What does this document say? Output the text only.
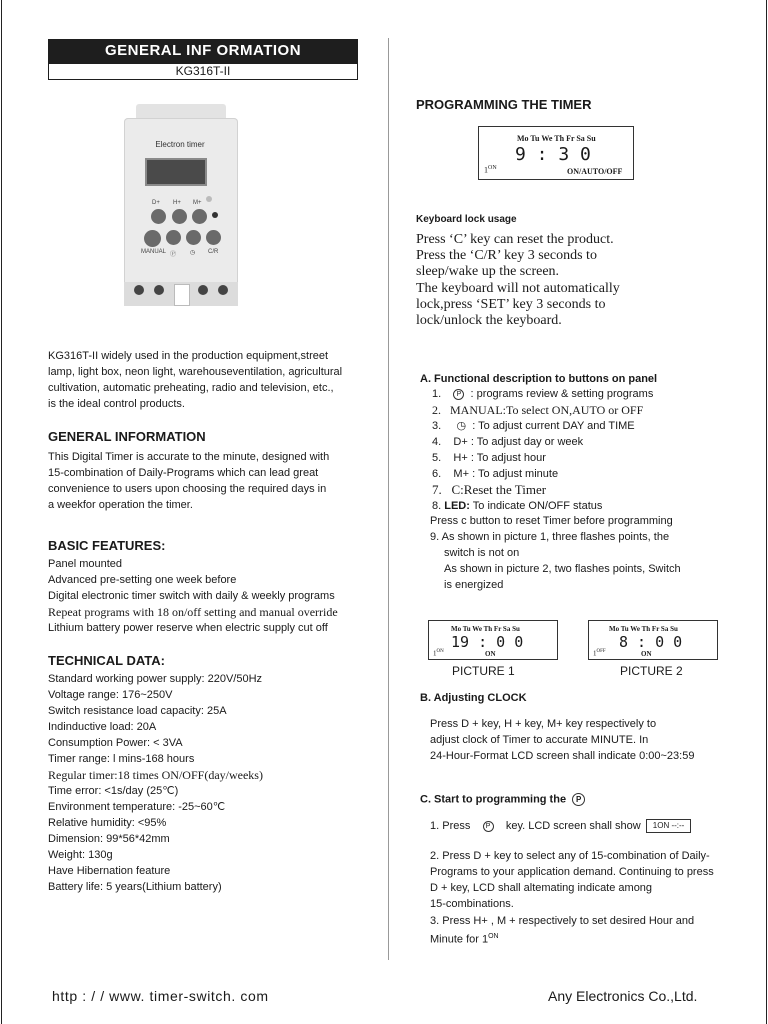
GENERAL INF ORMATION
KG316T-II
Electron timer
D+ H+ M+
MANUAL Ⓟ ◷ C/R
KG316T-II widely used in the production equipment,street
lamp, light box, neon light, warehouseventilation, agricultural
cultivation, automatic preheating, radio and television, etc.,
is the ideal control products.
GENERAL INFORMATION
This Digital Timer is accurate to the minute, designed with
15-combination of Daily-Programs which can lead great
convenience to users upon choosing the required days in
a weekfor operation the timer.
BASIC FEATURES:
Panel mounted
Advanced pre-setting one week before
Digital electronic timer switch with daily & weekly programs
Repeat programs with 18 on/off setting and manual override
Lithium battery power reserve when electric supply cut off
TECHNICAL DATA:
Standard working power supply: 220V/50Hz
Voltage range: 176~250V
Switch resistance load capacity: 25A
Indinductive load: 20A
Consumption Power: < 3VA
Timer range: l mins-168 hours
Regular timer:18 times ON/OFF(day/weeks)
Time error: <1s/day (25℃)
Environment temperature: -25~60℃
Relative humidity: <95%
Dimension: 99*56*42mm
Weight: 130g
Have Hibernation feature
Battery life: 5 years(Lithium battery)
http : / / www. timer-switch. com
PROGRAMMING THE TIMER
Mo Tu We Th Fr Sa Su
9 : 3 0
$1^{ON}$	ON/AUTO/OFF
Keyboard lock usage
Press ‘C’ key can reset the product.
Press the ‘C/R’ key 3 seconds to
sleep/wake up the screen.
The keyboard will not automatically
lock,press ‘SET’ key 3 seconds to
lock/unlock the keyboard.
A. Functional description to buttons on panel
1. P : programs review & setting programs
2. MANUAL:To select ON,AUTO or OFF
3. ◷ : To adjust current DAY and TIME
4. D+ : To adjust day or week
5. H+ : To adjust hour
6. M+ : To adjust minute
7. C:Reset the Timer
8. LED: To indicate ON/OFF status
Press c button to reset Timer before programming
9. As shown in picture 1, three flashes points, the
switch is not on
As shown in picture 2, two flashes points, Switch
is energized
Mo Tu We Th Fr Sa Su
19 : 0 0
$1^{ON}$	ON
PICTURE 1
Mo Tu We Th Fr Sa Su
8 : 0 0
$1^{OFF}$	ON
PICTURE 2
B. Adjusting CLOCK
Press D + key, H + key, M+ key respectively to
adjust clock of Timer to accurate MINUTE. In
24-Hour-Format LCD screen shall indicate 0:00~23:59
C. Start to programming the P
1. Press P key. LCD screen shall show 1ON --:--
2. Press D + key to select any of 15-combination of Daily-
Programs to your application demand. Continuing to press
D + key, LCD shall altemating indicate among
15-combinations.
3. Press H+ , M + respectively to set desired Hour and
Minute for $1^{ON}$
Any Electronics Co.,Ltd.
